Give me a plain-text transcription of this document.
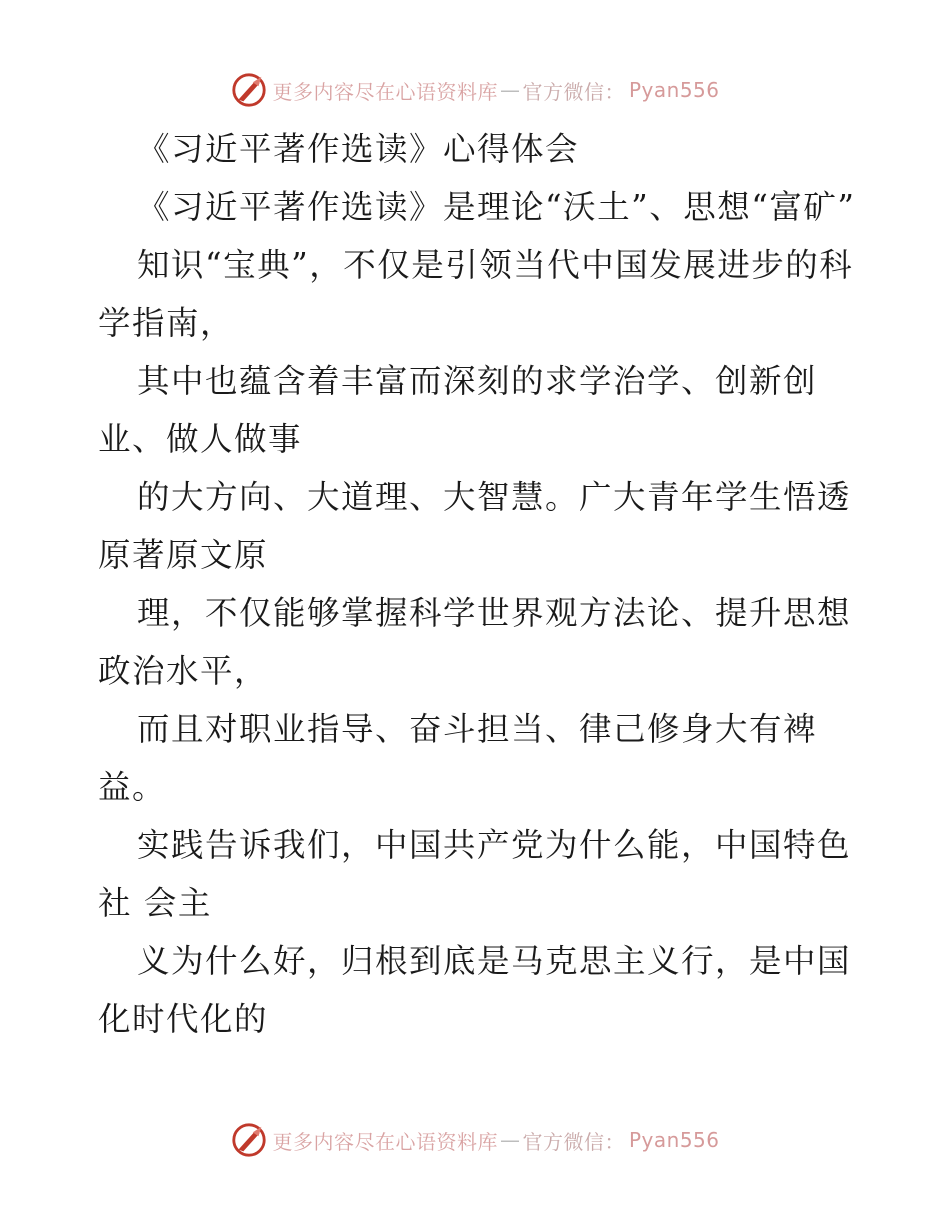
更多内容尽在心语资料库 — 官方微信： Pyan556

《习近平著作选读》心得体会

《习近平著作选读》是理论“沃土”、思想“富矿”

知识“宝典”，不仅是引领当代中国发展进步的科学指南，

其中也蕴含着丰富而深刻的求学治学、创新创业、做人做事

的大方向、大道理、大智慧。广大青年学生悟透原著原文原

理，不仅能够掌握科学世界观方法论、提升思想政治水平，

而且对职业指导、奋斗担当、律己修身大有裨益。

实践告诉我们，中国共产党为什么能，中国特色社 会主

义为什么好，归根到底是马克思主义行，是中国化时代化的

更多内容尽在心语资料库 — 官方微信： Pyan556
